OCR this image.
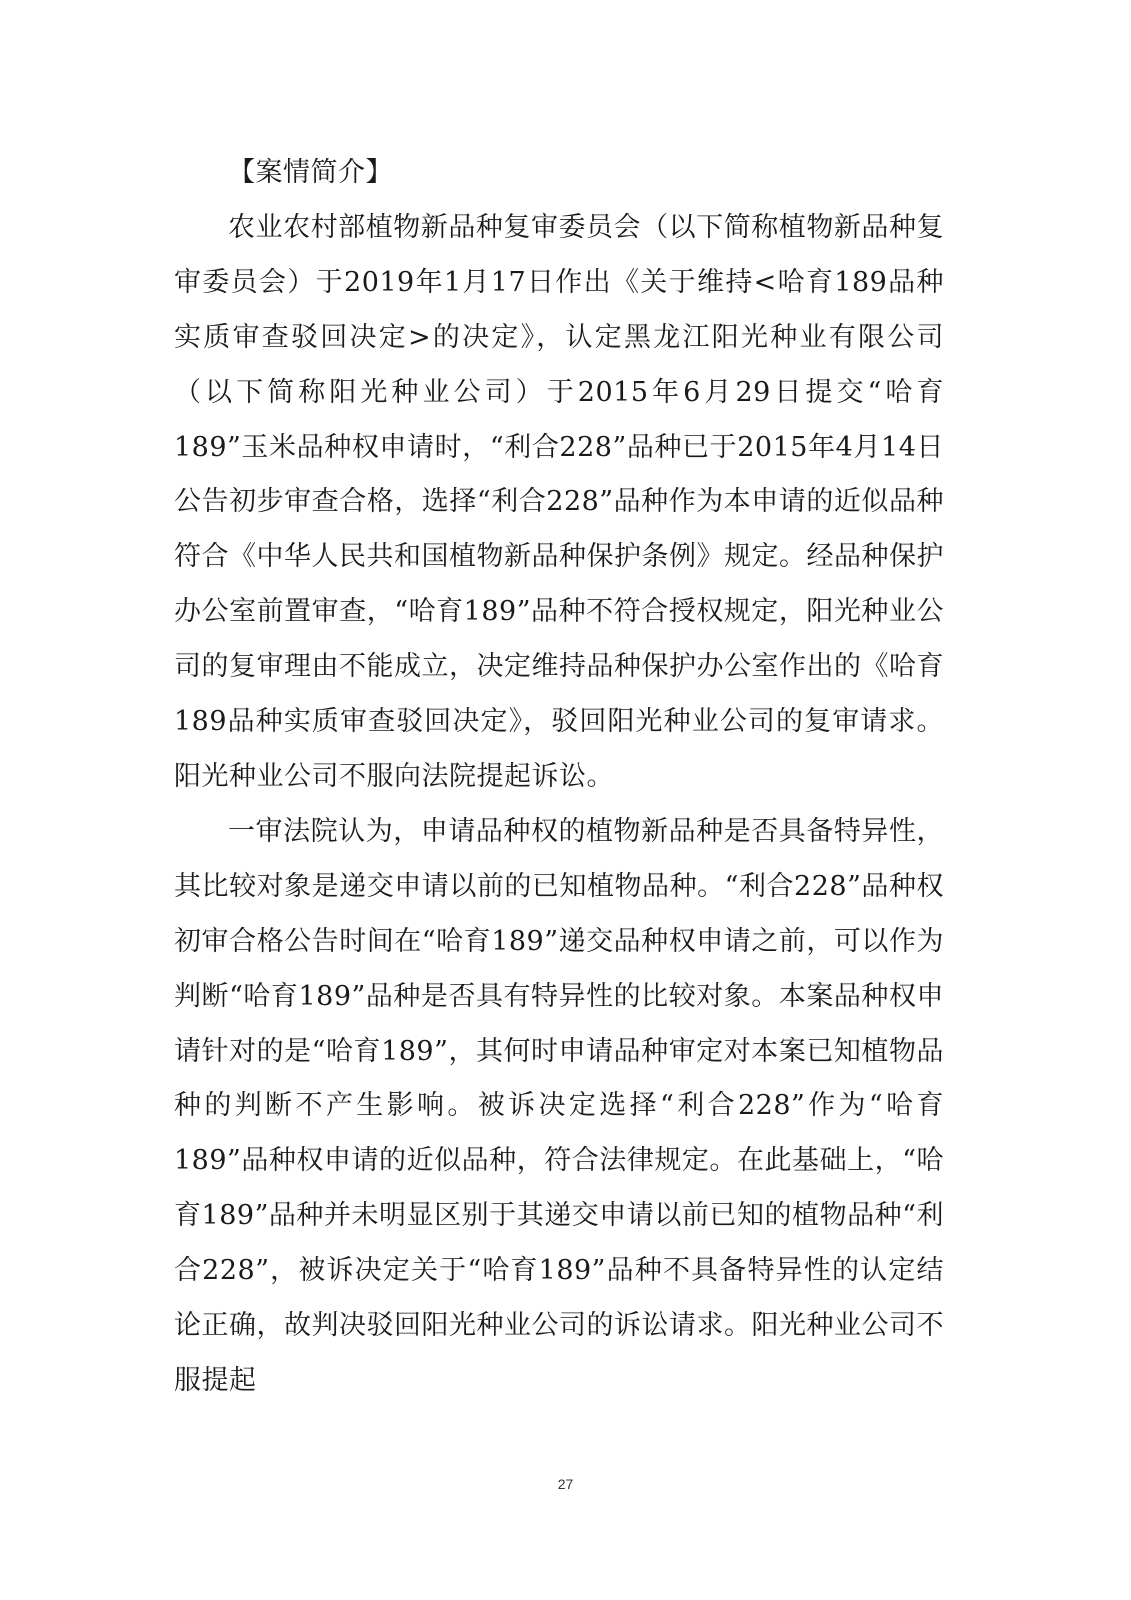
【案情简介】

农业农村部植物新品种复审委员会（以下简称植物新品种复审委员会）于2019年1月17日作出《关于维持<哈育189品种实质审查驳回决定>的决定》，认定黑龙江阳光种业有限公司（以下简称阳光种业公司）于2015年6月29日提交“哈育189”玉米品种权申请时，“利合228”品种已于2015年4月14日公告初步审查合格，选择“利合228”品种作为本申请的近似品种符合《中华人民共和国植物新品种保护条例》规定。经品种保护办公室前置审查，“哈育189”品种不符合授权规定，阳光种业公司的复审理由不能成立，决定维持品种保护办公室作出的《哈育189品种实质审查驳回决定》，驳回阳光种业公司的复审请求。阳光种业公司不服向法院提起诉讼。

一审法院认为，申请品种权的植物新品种是否具备特异性，其比较对象是递交申请以前的已知植物品种。“利合228”品种权初审合格公告时间在“哈育189”递交品种权申请之前，可以作为判断“哈育189”品种是否具有特异性的比较对象。本案品种权申请针对的是“哈育189”，其何时申请品种审定对本案已知植物品种的判断不产生影响。被诉决定选择“利合228”作为“哈育189”品种权申请的近似品种，符合法律规定。在此基础上，“哈育189”品种并未明显区别于其递交申请以前已知的植物品种“利合228”，被诉决定关于“哈育189”品种不具备特异性的认定结论正确，故判决驳回阳光种业公司的诉讼请求。阳光种业公司不服提起

27
